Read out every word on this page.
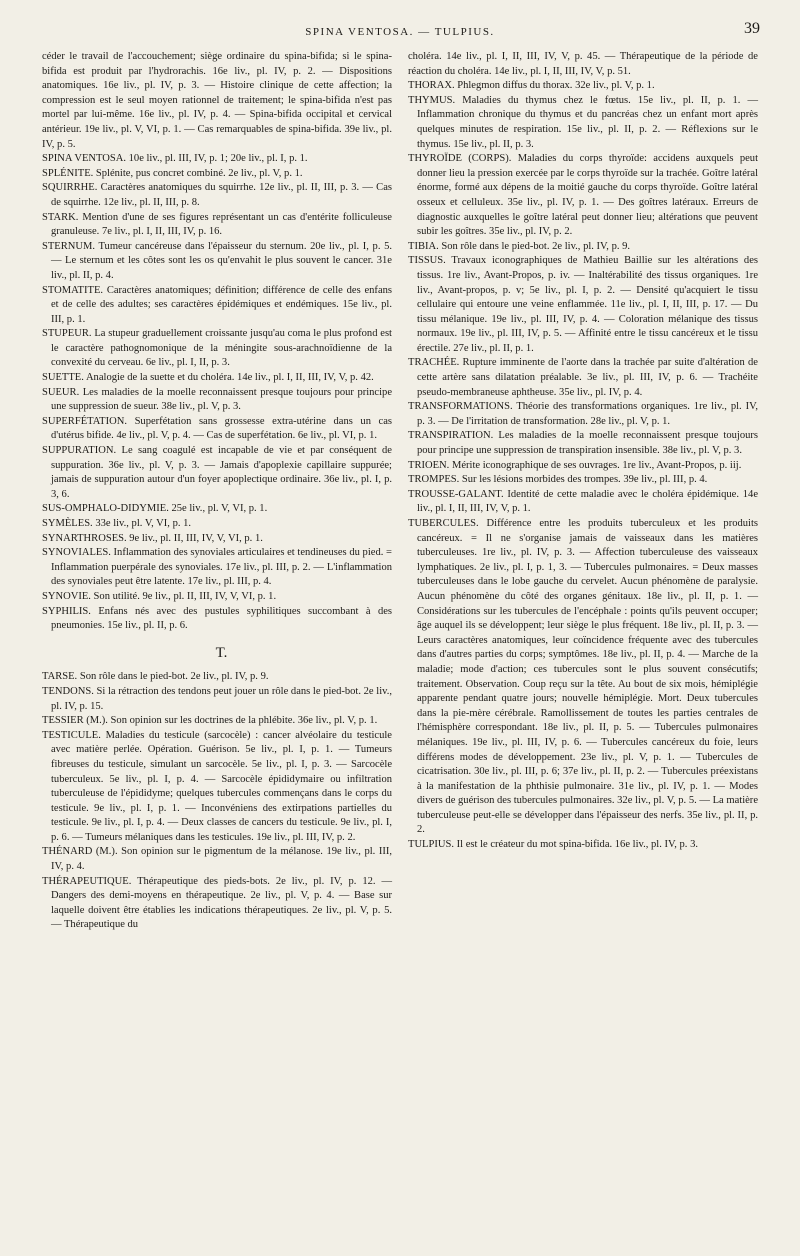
SPINA VENTOSA. — TULPIUS.	39

céder le travail de l'accouchement; siège ordinaire du spina-bifida; si le spina-bifida est produit par l'hydrorachis. 16e liv., pl. IV, p. 2. — Dispositions anatomiques. 16e liv., pl. IV, p. 3. — Histoire clinique de cette affection; la compression est le seul moyen rationnel de traitement; le spina-bifida n'est pas mortel par lui-même. 16e liv., pl. IV, p. 4. — Spina-bifida occipital et cervical antérieur. 19e liv., pl. V, VI, p. 1. — Cas remarquables de spina-bifida. 39e liv., pl. IV, p. 5.

SPINA VENTOSA. 10e liv., pl. III, IV, p. 1; 20e liv., pl. I, p. 1.

SPLÉNITE. Splénite, pus concret combiné. 2e liv., pl. V, p. 1.

SQUIRRHE. Caractères anatomiques du squirrhe. 12e liv., pl. II, III, p. 3. — Cas de squirrhe. 12e liv., pl. II, III, p. 8.

STARK. Mention d'une de ses figures représentant un cas d'entérite folliculeuse granuleuse. 7e liv., pl. I, II, III, IV, p. 16.

STERNUM. Tumeur cancéreuse dans l'épaisseur du sternum. 20e liv., pl. I, p. 5. — Le sternum et les côtes sont les os qu'envahit le plus souvent le cancer. 31e liv., pl. II, p. 4.

STOMATITE. Caractères anatomiques; définition; différence de celle des enfans et de celle des adultes; ses caractères épidémiques et endémiques. 15e liv., pl. III, p. 1.

STUPEUR. La stupeur graduellement croissante jusqu'au coma le plus profond est le caractère pathognomonique de la méningite sous-arachnoïdienne de la convexité du cerveau. 6e liv., pl. I, II, p. 3.

SUETTE. Analogie de la suette et du choléra. 14e liv., pl. I, II, III, IV, V, p. 42.

SUEUR. Les maladies de la moelle reconnaissent presque toujours pour principe une suppression de sueur. 38e liv., pl. V, p. 3.

SUPERFÉTATION. Superfétation sans grossesse extra-utérine dans un cas d'utérus bifide. 4e liv., pl. V, p. 4. — Cas de superfétation. 6e liv., pl. VI, p. 1.

SUPPURATION. Le sang coagulé est incapable de vie et par conséquent de suppuration. 36e liv., pl. V, p. 3. — Jamais d'apoplexie capillaire suppurée; jamais de suppuration autour d'un foyer apoplectique ordinaire. 36e liv., pl. I, p. 3, 6.

SUS-OMPHALO-DIDYMIE. 25e liv., pl. V, VI, p. 1.

SYMÈLES. 33e liv., pl. V, VI, p. 1.

SYNARTHROSES. 9e liv., pl. II, III, IV, V, VI, p. 1.

SYNOVIALES. Inflammation des synoviales articulaires et tendineuses du pied. = Inflammation puerpérale des synoviales. 17e liv., pl. III, p. 2. — L'inflammation des synoviales peut être latente. 17e liv., pl. III, p. 4.

SYNOVIE. Son utilité. 9e liv., pl. II, III, IV, V, VI, p. 1.

SYPHILIS. Enfans nés avec des pustules syphilitiques succombant à des pneumonies. 15e liv., pl. II, p. 6.

T.

TARSE. Son rôle dans le pied-bot. 2e liv., pl. IV, p. 9.

TENDONS. Si la rétraction des tendons peut jouer un rôle dans le pied-bot. 2e liv., pl. IV, p. 15.

TESSIER (M.). Son opinion sur les doctrines de la phlébite. 36e liv., pl. V, p. 1.

TESTICULE. Maladies du testicule (sarcocèle) : cancer alvéolaire du testicule avec matière perlée. Opération. Guérison. 5e liv., pl. I, p. 1. — Tumeurs fibreuses du testicule, simulant un sarcocèle. 5e liv., pl. I, p. 3. — Sarcocèle tuberculeux. 5e liv., pl. I, p. 4. — Sarcocèle épididymaire ou infiltration tuberculeuse de l'épididyme; quelques tubercules commençans dans le corps du testicule. 9e liv., pl. I, p. 1. — Inconvéniens des extirpations partielles du testicule. 9e liv., pl. I, p. 4. — Deux classes de cancers du testicule. 9e liv., pl. I, p. 6. — Tumeurs mélaniques dans les testicules. 19e liv., pl. III, IV, p. 2.

THÉNARD (M.). Son opinion sur le pigmentum de la mélanose. 19e liv., pl. III, IV, p. 4.

THÉRAPEUTIQUE. Thérapeutique des pieds-bots. 2e liv., pl. IV, p. 12. — Dangers des demi-moyens en thérapeutique. 2e liv., pl. V, p. 4. — Base sur laquelle doivent être établies les indications thérapeutiques. 2e liv., pl. V, p. 5. — Thérapeutique du

choléra. 14e liv., pl. I, II, III, IV, V, p. 45. — Thérapeutique de la période de réaction du choléra. 14e liv., pl. I, II, III, IV, V, p. 51.

THORAX. Phlegmon diffus du thorax. 32e liv., pl. V, p. 1.

THYMUS. Maladies du thymus chez le fœtus. 15e liv., pl. II, p. 1. — Inflammation chronique du thymus et du pancréas chez un enfant mort après quelques minutes de respiration. 15e liv., pl. II, p. 2. — Réflexions sur le thymus. 15e liv., pl. II, p. 3.

THYROÏDE (CORPS). Maladies du corps thyroïde: accidens auxquels peut donner lieu la pression exercée par le corps thyroïde sur la trachée. Goître latéral énorme, formé aux dépens de la moitié gauche du corps thyroïde. Goître latéral osseux et celluleux. 35e liv., pl. IV, p. 1. — Des goîtres latéraux. Erreurs de diagnostic auxquelles le goître latéral peut donner lieu; altérations que peuvent subir les goîtres. 35e liv., pl. IV, p. 2.

TIBIA. Son rôle dans le pied-bot. 2e liv., pl. IV, p. 9.

TISSUS. Travaux iconographiques de Mathieu Baillie sur les altérations des tissus. 1re liv., Avant-Propos, p. iv. — Inaltérabilité des tissus organiques. 1re liv., Avant-propos, p. v; 5e liv., pl. I, p. 2. — Densité qu'acquiert le tissu cellulaire qui entoure une veine enflammée. 11e liv., pl. I, II, III, p. 17. — Du tissu mélanique. 19e liv., pl. III, IV, p. 4. — Coloration mélanique des tissus normaux. 19e liv., pl. III, IV, p. 5. — Affinité entre le tissu cancéreux et le tissu érectile. 27e liv., pl. II, p. 1.

TRACHÉE. Rupture imminente de l'aorte dans la trachée par suite d'altération de cette artère sans dilatation préalable. 3e liv., pl. III, IV, p. 6. — Trachéite pseudo-membraneuse aphtheuse. 35e liv., pl. IV, p. 4.

TRANSFORMATIONS. Théorie des transformations organiques. 1re liv., pl. IV, p. 3. — De l'irritation de transformation. 28e liv., pl. V, p. 1.

TRANSPIRATION. Les maladies de la moelle reconnaissent presque toujours pour principe une suppression de transpiration insensible. 38e liv., pl. V, p. 3.

TRIOEN. Mérite iconographique de ses ouvrages. 1re liv., Avant-Propos, p. iij.

TROMPES. Sur les lésions morbides des trompes. 39e liv., pl. III, p. 4.

TROUSSE-GALANT. Identité de cette maladie avec le choléra épidémique. 14e liv., pl. I, II, III, IV, V, p. 1.

TUBERCULES. Différence entre les produits tuberculeux et les produits cancéreux. = Il ne s'organise jamais de vaisseaux dans les matières tuberculeuses. 1re liv., pl. IV, p. 3. — Affection tuberculeuse des vaisseaux lymphatiques. 2e liv., pl. I, p. 1, 3. — Tubercules pulmonaires. = Deux masses tuberculeuses dans le lobe gauche du cervelet. Aucun phénomène de paralysie. Aucun phénomène du côté des organes génitaux. 18e liv., pl. II, p. 1. — Considérations sur les tubercules de l'encéphale : points qu'ils peuvent occuper; âge auquel ils se développent; leur siège le plus fréquent. 18e liv., pl. II, p. 3. — Leurs caractères anatomiques, leur coïncidence fréquente avec des tubercules dans d'autres parties du corps; symptômes. 18e liv., pl. II, p. 4. — Marche de la maladie; mode d'action; ces tubercules sont le plus souvent consécutifs; traitement. Observation. Coup reçu sur la tête. Au bout de six mois, hémiplégie apparente pendant quatre jours; nouvelle hémiplégie. Mort. Deux tubercules dans la pie-mère cérébrale. Ramollissement de toutes les parties centrales de l'hémisphère correspondant. 18e liv., pl. II, p. 5. — Tubercules pulmonaires mélaniques. 19e liv., pl. III, IV, p. 6. — Tubercules cancéreux du foie, leurs différens modes de développement. 23e liv., pl. V, p. 1. — Tubercules de cicatrisation. 30e liv., pl. III, p. 6; 37e liv., pl. II, p. 2. — Tubercules préexistans à la manifestation de la phthisie pulmonaire. 31e liv., pl. IV, p. 1. — Modes divers de guérison des tubercules pulmonaires. 32e liv., pl. V, p. 5. — La matière tuberculeuse peut-elle se développer dans l'épaisseur des nerfs. 35e liv., pl. II, p. 2.

TULPIUS. Il est le créateur du mot spina-bifida. 16e liv., pl. IV, p. 3.
